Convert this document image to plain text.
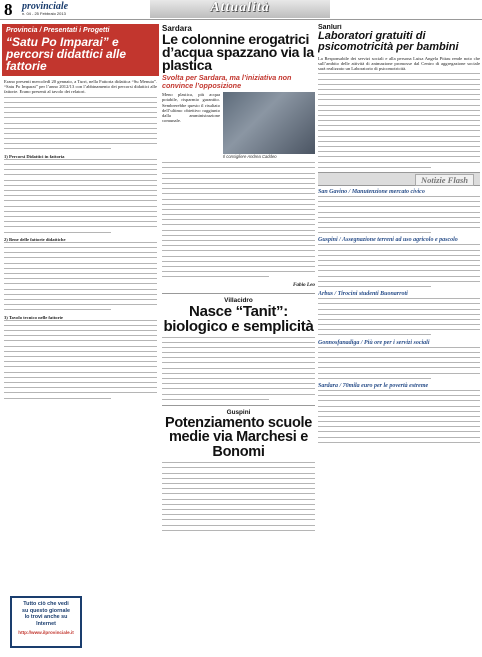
8 provinciale
n. 04 - 25 Febbraio 2013	Attualità
Provincia / Presentati i Progetti
“Satu Po Imparai” e percorsi didattici alle fattorie

Erano presenti mercoledì 20 gennaio, a Turri, nella Fattoria didattica “Su Menuia”. “Satu Po Imparai” per l’anno 2012/13 con l’abbinamento dei percorsi didattici alle fattorie. Erano presenti al tavolo dei relatori.

1) Percorsi Didattici in fattoria
2) Bene delle fattorie didattiche
3) Tavolo tecnico nelle fattorie
Tutto ciò che vedi
su questo giornale
lo trovi anche su Internet
http://www.ilprovinciale.it
Sardara
Le colonnine erogatrici d’acqua spazzano via la plastica
Svolta per Sardara, ma l’iniziativa non convince l’opposizione
Meno plastica, più acqua potabile, risparmio garantito. Sembrerebbe questo il risultato dell’ultimo obiettivo raggiunto dalla amministrazione comunale.
Il consigliere Andrea Caddeo
Fabio Leo
Villacidro
Nasce “Tanit”: biologico e semplicità
Guspini
Potenziamento scuole medie via Marchesi e Bonomi
Sanluri
Laboratori gratuiti di psicomotricità per bambini
La Responsabile dei servizi sociali e alla persona Luisa Angela Pittau rende noto che sull’ambito delle attività di animazione promosse dal Centro di aggregazione sociale sarà realizzato un Laboratorio di psicomotricità.
Notizie Flash
San Gavino / Manutenzione mercato civico
Guspini / Assegnazione terreni ad uso agricolo e pascolo
Arbus / Tirocini studenti Buonarroti
Gonnosfanadiga / Più ore per i servizi sociali
Sardara / 70mila euro per le povertà estreme
